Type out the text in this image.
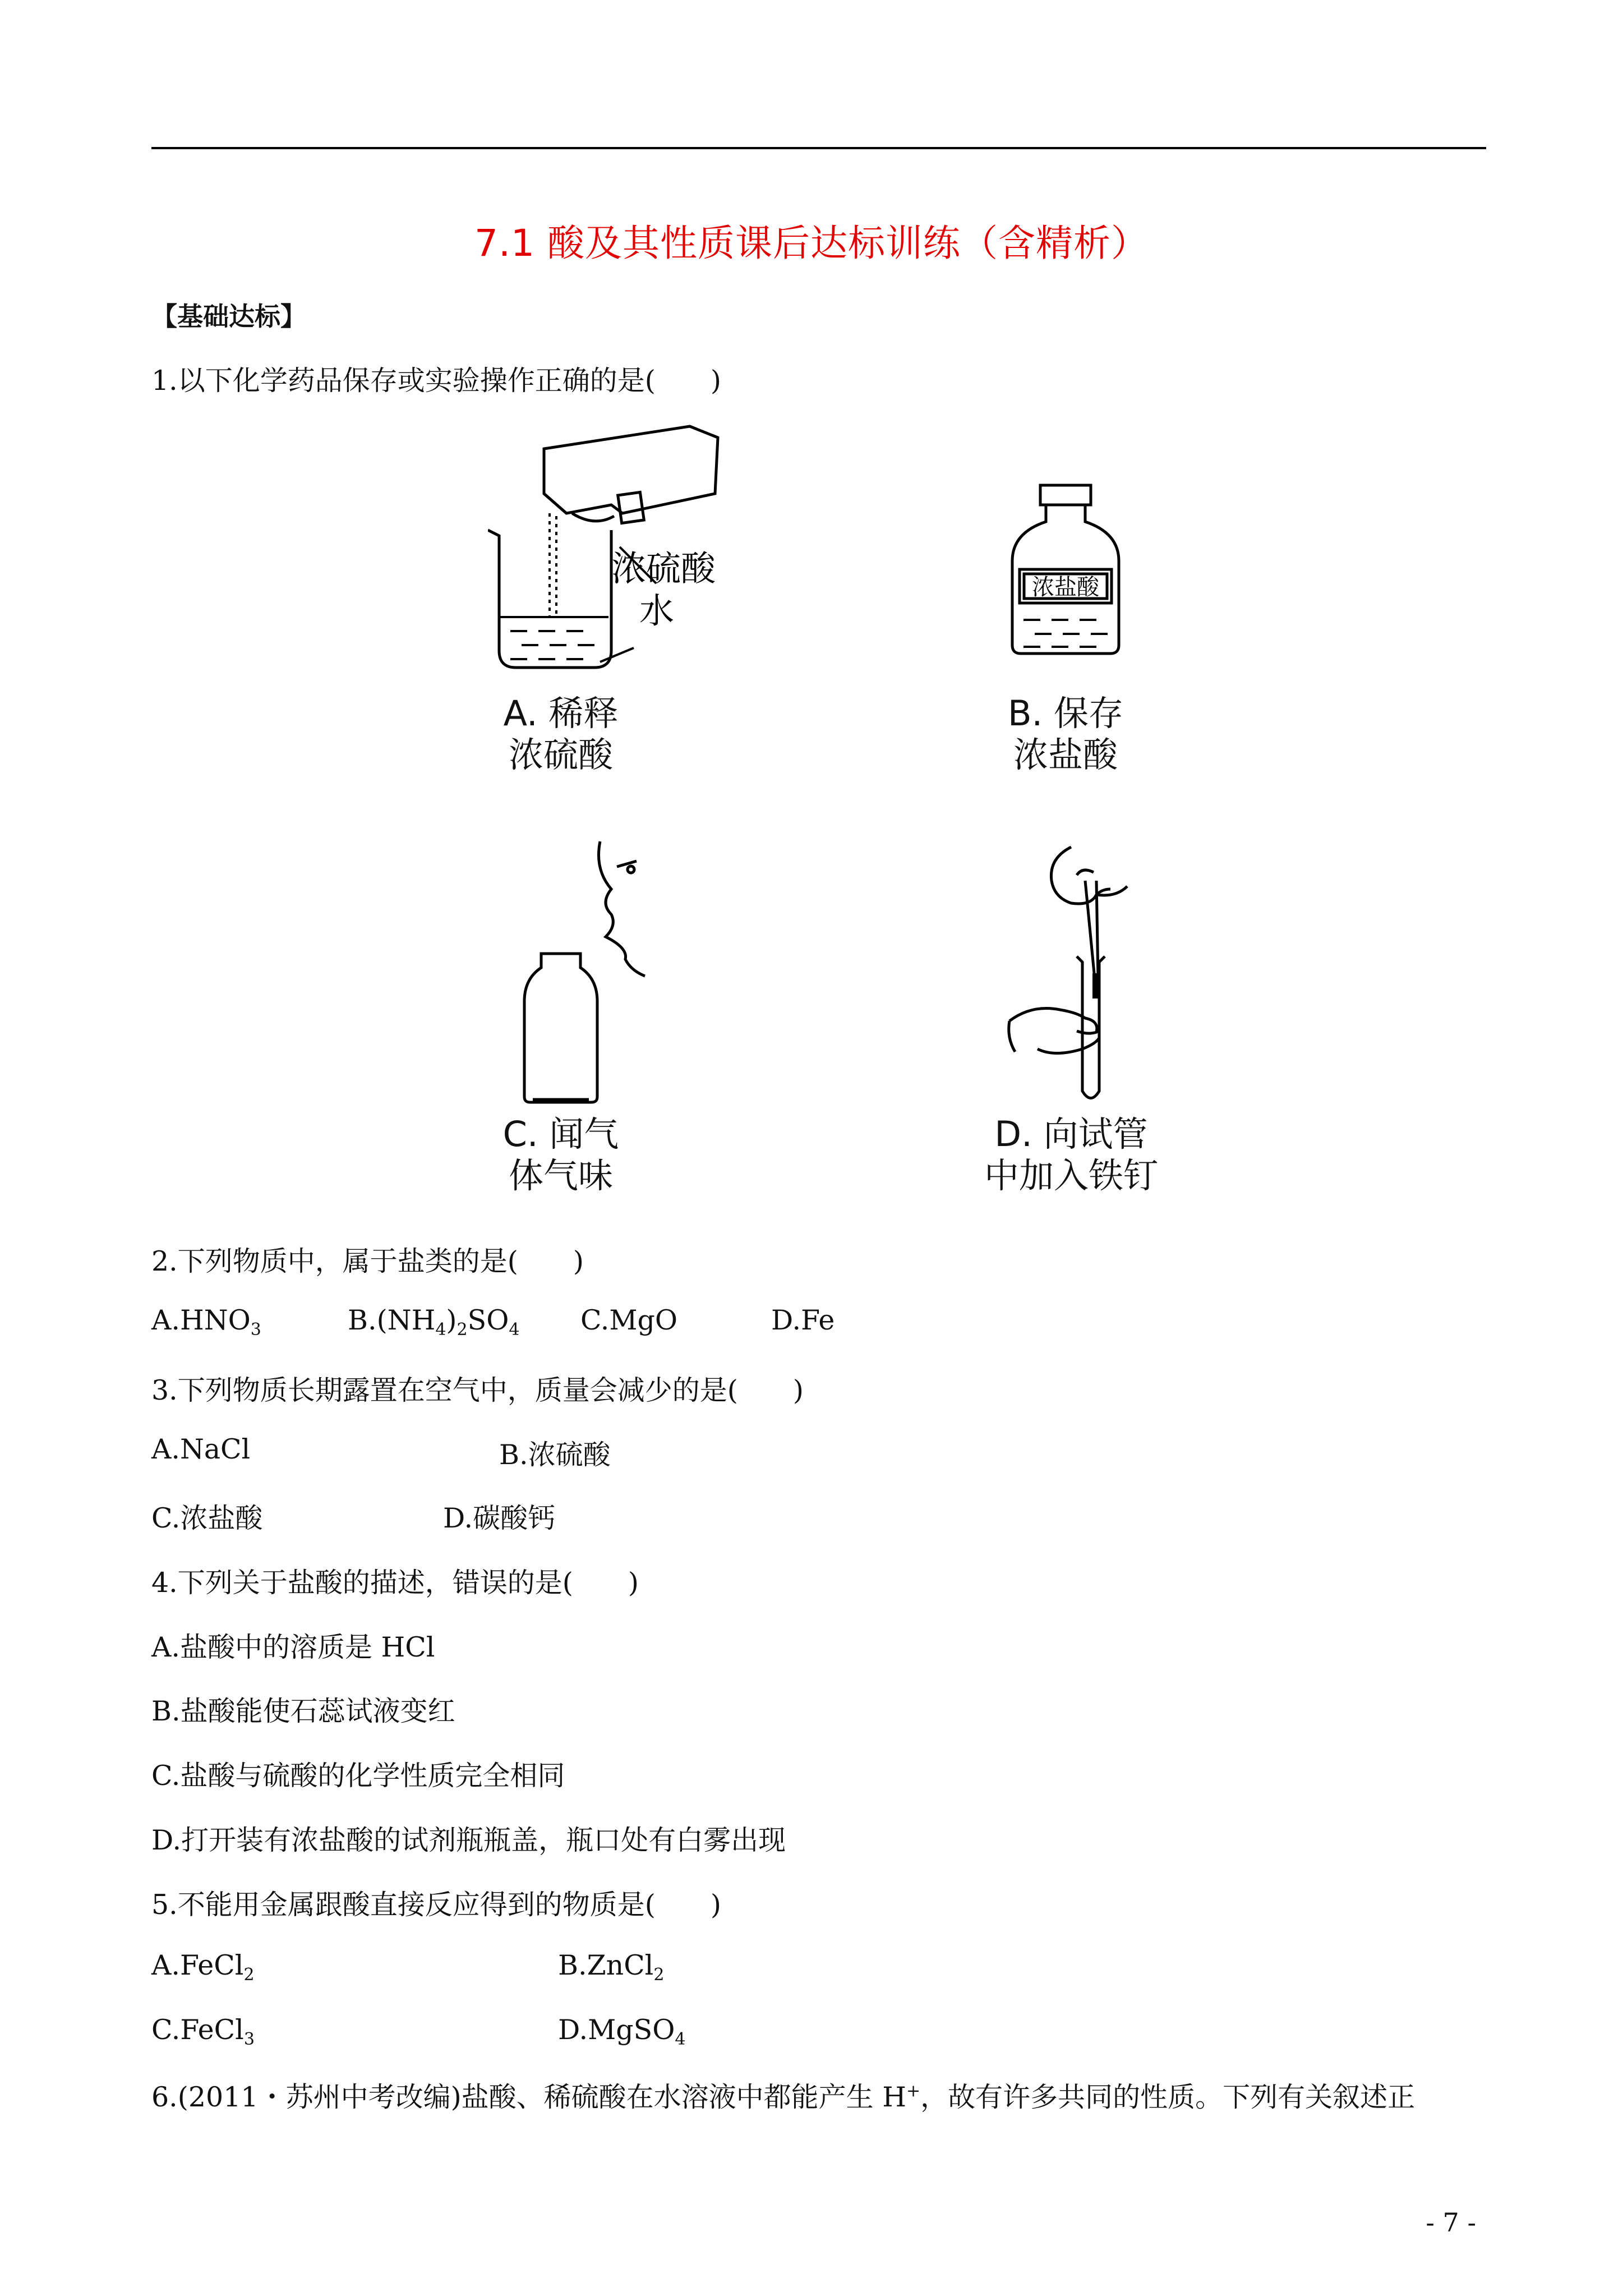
7.1 酸及其性质课后达标训练（含精析）
【基础达标】
1.以下化学药品保存或实验操作正确的是(　　)
浓硫酸
水
A. 稀释
浓硫酸
浓盐酸
B. 保存
浓盐酸
C. 闻气
体气味
D. 向试管
中加入铁钉
2.下列物质中，属于盐类的是(　　)
$A.HNO_3$	$B.(NH_4)_2SO_4$ C.MgO	D.Fe
3.下列物质长期露置在空气中，质量会减少的是(　　)
A.NaCl	B.浓硫酸
C.浓盐酸	D.碳酸钙
4.下列关于盐酸的描述，错误的是(　　)
A.盐酸中的溶质是 HCl
B.盐酸能使石蕊试液变红
C.盐酸与硫酸的化学性质完全相同
D.打开装有浓盐酸的试剂瓶瓶盖，瓶口处有白雾出现
5.不能用金属跟酸直接反应得到的物质是(　　)
A.FeCl$_2$	B.ZnCl$_2$
C.FeCl$_3$	D.MgSO$_4$
6.(2011・苏州中考改编)盐酸、稀硫酸在水溶液中都能产生 H+，故有许多共同的性质。下列有关叙述正
- 7 -
